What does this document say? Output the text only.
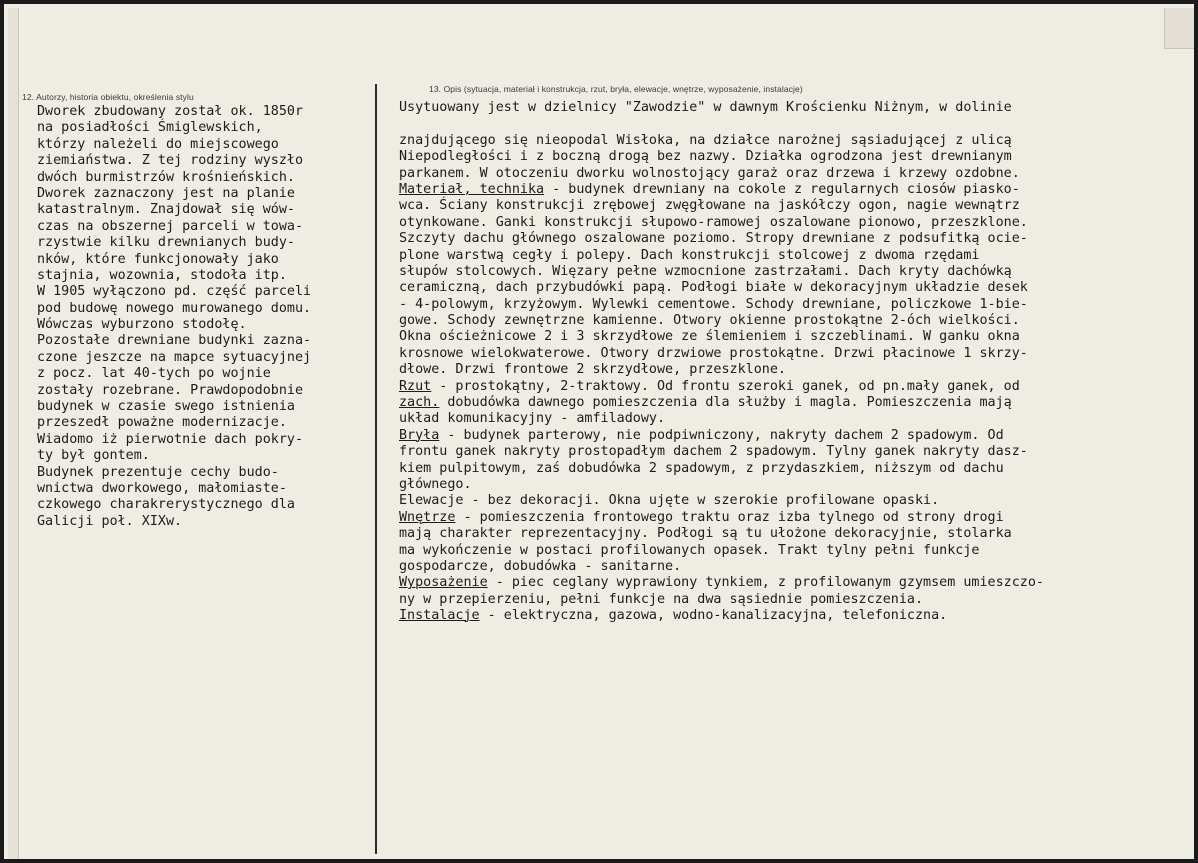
12. Autorzy, historia obiektu, określenia stylu
13. Opis (sytuacja, materiał i konstrukcja, rzut, bryła, elewacje, wnętrze, wyposażenie, instalacje)
Dworek zbudowany został ok. 1850r
na posiadłości Śmiglewskich,
którzy należeli do miejscowego
ziemiaństwa. Z tej rodziny wyszło
dwóch burmistrzów krośnieńskich.
Dworek zaznaczony jest na planie
katastralnym. Znajdował się wów-
czas na obszernej parceli w towa-
rzystwie kilku drewnianych budy-
nków, które funkcjonowały jako
stajnia, wozownia, stodoła itp.
W 1905 wyłączono pd. część parceli
pod budowę nowego murowanego domu.
Wówczas wyburzono stodołę.
Pozostałe drewniane budynki zazna-
czone jeszcze na mapce sytuacyjnej
z pocz. lat 40-tych po wojnie
zostały rozebrane. Prawdopodobnie
budynek w czasie swego istnienia
przeszedł poważne modernizacje.
Wiadomo iż pierwotnie dach pokry-
ty był gontem.
Budynek prezentuje cechy budo-
wnictwa dworkowego, małomiaste-
czkowego charakrerystycznego dla
Galicji poł. XIXw.
Usytuowany jest w dzielnicy "Zawodzie" w dawnym Krościenku Niżnym, w dolinie
znajdującego się nieopodal Wisłoka, na działce narożnej sąsiadującej z ulicą
Niepodległości i z boczną drogą bez nazwy. Działka ogrodzona jest drewnianym
parkanem. W otoczeniu dworku wolnostojący garaż oraz drzewa i krzewy ozdobne.
Materiał, technika - budynek drewniany na cokole z regularnych ciosów piasko-
wca. Ściany konstrukcji zrębowej zwęgłowane na jaskółczy ogon, nagie wewnątrz
otynkowane. Ganki konstrukcji słupowo-ramowej oszalowane pionowo, przeszklone.
Szczyty dachu głównego oszalowane poziomo. Stropy drewniane z podsufitką ocie-
plone warstwą cegły i polepy. Dach konstrukcji stolcowej z dwoma rzędami
słupów stolcowych. Więzary pełne wzmocnione zastrzałami. Dach kryty dachówką
ceramiczną, dach przybudówki papą. Podłogi białe w dekoracyjnym układzie desek
- 4-polowym, krzyżowym. Wylewki cementowe. Schody drewniane, policzkowe 1-bie-
gowe. Schody zewnętrzne kamienne. Otwory okienne prostokątne 2-óch wielkości.
Okna ościeżnicowe 2 i 3 skrzydłowe ze ślemieniem i szczeblinami. W ganku okna
krosnowe wielokwaterowe. Otwory drzwiowe prostokątne. Drzwi płacinowe 1 skrzy-
dłowe. Drzwi frontowe 2 skrzydłowe, przeszklone.
Rzut - prostokątny, 2-traktowy. Od frontu szeroki ganek, od pn.mały ganek, od
zach. dobudówka dawnego pomieszczenia dla służby i magla. Pomieszczenia mają
układ komunikacyjny - amfiladowy.
Bryła - budynek parterowy, nie podpiwniczony, nakryty dachem 2 spadowym. Od
frontu ganek nakryty prostopadłym dachem 2 spadowym. Tylny ganek nakryty dasz-
kiem pulpitowym, zaś dobudówka 2 spadowym, z przydaszkiem, niższym od dachu
głównego.
Elewacje - bez dekoracji. Okna ujęte w szerokie profilowane opaski.
Wnętrze - pomieszczenia frontowego traktu oraz izba tylnego od strony drogi
mają charakter reprezentacyjny. Podłogi są tu ułożone dekoracyjnie, stolarka
ma wykończenie w postaci profilowanych opasek. Trakt tylny pełni funkcje
gospodarcze, dobudówka - sanitarne.
Wyposażenie - piec ceglany wyprawiony tynkiem, z profilowanym gzymsem umieszczo-
ny w przepierzeniu, pełni funkcje na dwa sąsiednie pomieszczenia.
Instalacje - elektryczna, gazowa, wodno-kanalizacyjna, telefoniczna.
